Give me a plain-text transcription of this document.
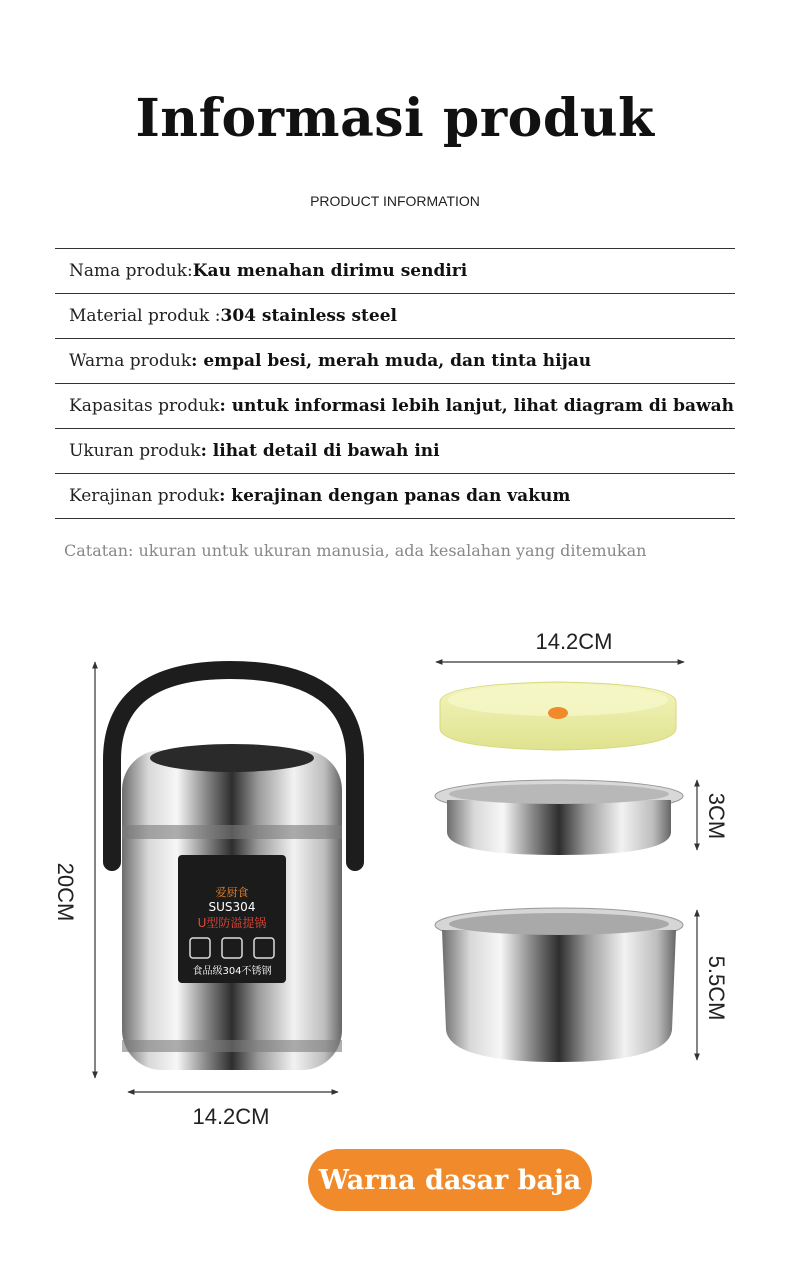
Informasi produk
PRODUCT INFORMATION
Nama produk: Kau menahan dirimu sendiri
Material produk : 304 stainless steel
Warna produk : empal besi, merah muda, dan tinta hijau
Kapasitas produk : untuk informasi lebih lanjut, lihat diagram di bawah
Ukuran produk : lihat detail di bawah ini
Kerajinan produk : kerajinan dengan panas dan vakum
Catatan: ukuran untuk ukuran manusia, ada kesalahan yang ditemukan
爱厨食
SUS304
U型防溢提锅
食品级304不锈钢
20CM
14.2CM
14.2CM
3CM
5.5CM
Warna dasar baja
